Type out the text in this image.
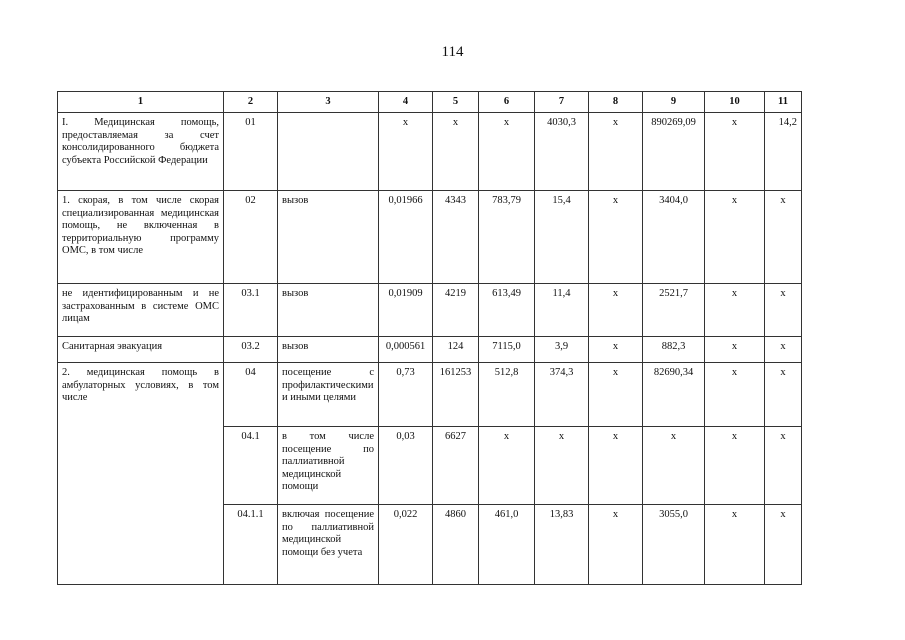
114
1	2	3	4	5	6	7	8	9	10	11
I. Медицинская помощь, предоставляемая за счет консолидированного бюджета субъекта Российской Федерации	01		х	х	х	4030,3	х	890269,09	х	14,2
1. скорая, в том числе скорая специализированная медицинская помощь, не включенная в территориальную программу ОМС, в том числе	02	вызов	0,01966	4343	783,79	15,4	х	3404,0	х	х
не идентифицированным и не застрахованным в системе ОМС лицам	03.1	вызов	0,01909	4219	613,49	11,4	х	2521,7	х	х
Санитарная эвакуация	03.2	вызов	0,000561	124	7115,0	3,9	х	882,3	х	х
2. медицинская помощь в амбулаторных условиях, в том числе	04	посещение с профилактическими и иными целями	0,73	161253	512,8	374,3	х	82690,34	х	х
	04.1	в том числе посещение по паллиативной медицинской помощи	0,03	6627	х	х	х	х	х	х
	04.1.1	включая посещение по паллиативной медицинской помощи без учета	0,022	4860	461,0	13,83	х	3055,0	х	х
